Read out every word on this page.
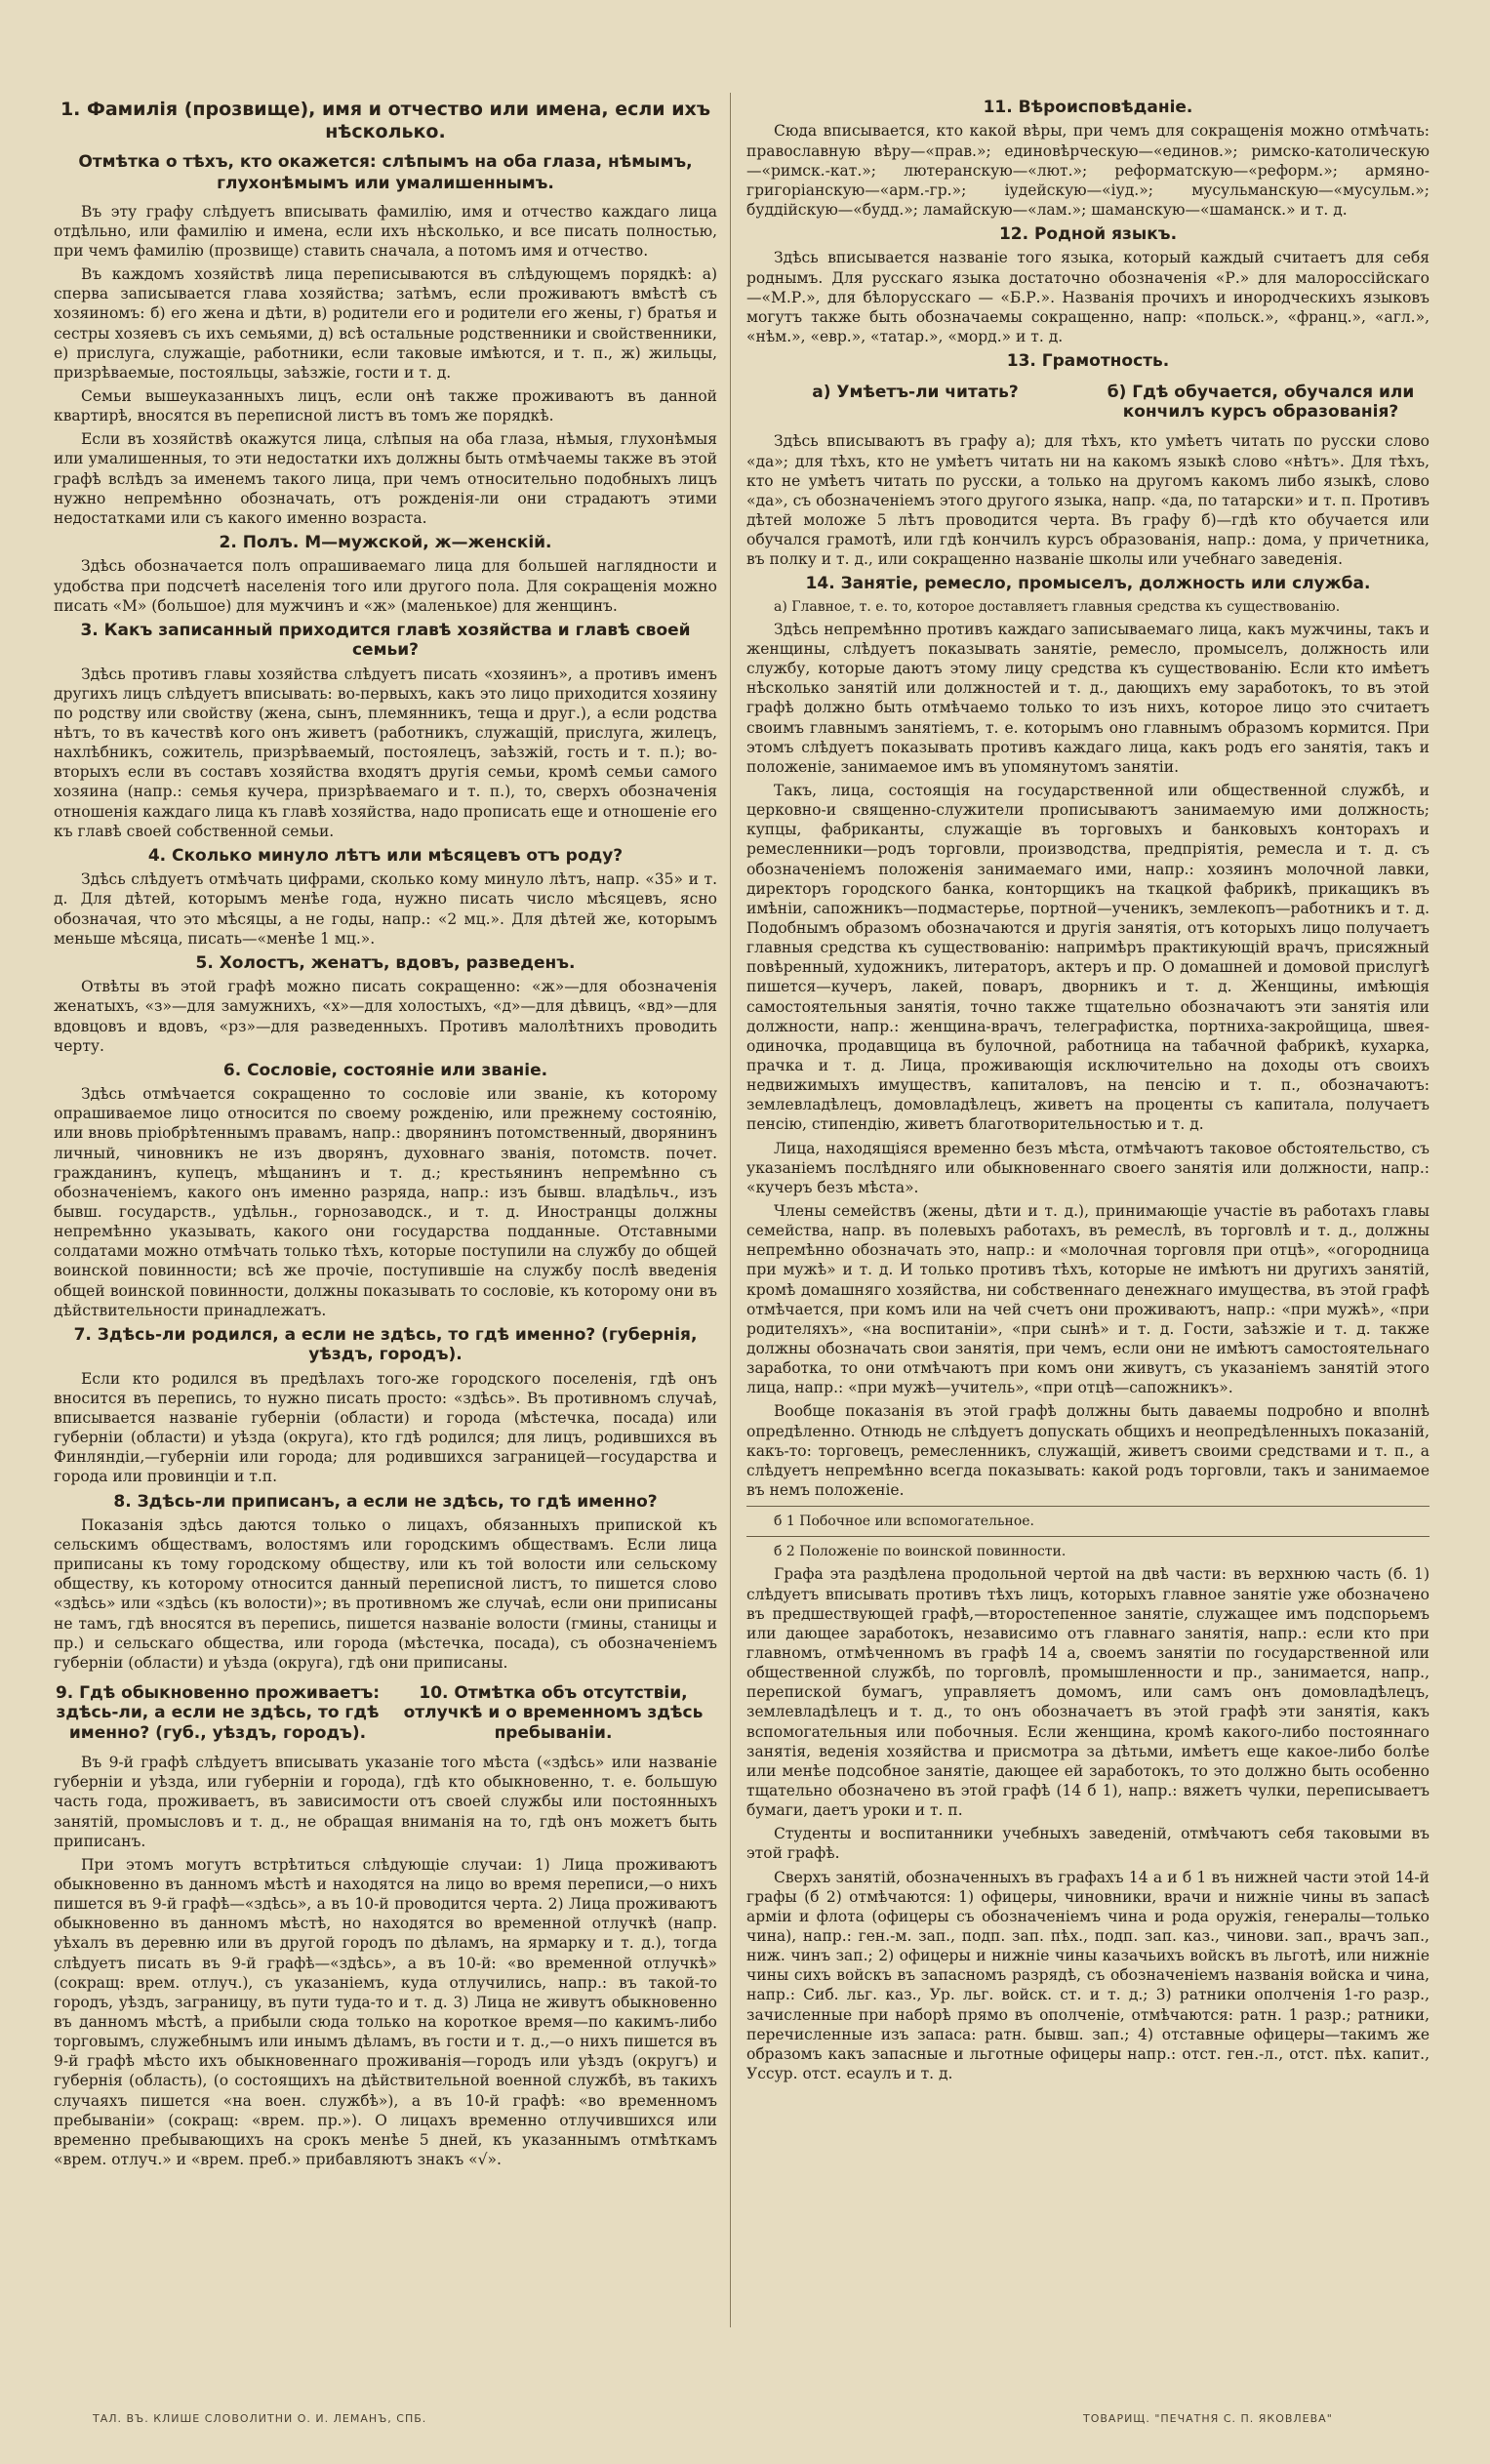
1. Фамилія (прозвище), имя и отчество или имена, если ихъ нѣсколько.
Отмѣтка о тѣхъ, кто окажется: слѣпымъ на оба глаза, нѣмымъ, глухонѣмымъ или умалишеннымъ.

Въ эту графу слѣдуетъ вписывать фамилію, имя и отчество каждаго лица отдѣльно, или фамилію и имена, если ихъ нѣсколько, и все писать полностью, при чемъ фамилію (прозвище) ставить сначала, а потомъ имя и отчество.

Въ каждомъ хозяйствѣ лица переписываются въ слѣдующемъ порядкѣ: а) сперва записывается глава хозяйства; затѣмъ, если проживаютъ вмѣстѣ съ хозяиномъ: б) его жена и дѣти, в) родители его и родители его жены, г) братья и сестры хозяевъ съ ихъ семьями, д) всѣ остальные родственники и свойственники, е) прислуга, служащіе, работники, если таковые имѣются, и т. п., ж) жильцы, призрѣваемые, постояльцы, заѣзжіе, гости и т. д.

Семьи вышеуказанныхъ лицъ, если онѣ также проживаютъ въ данной квартирѣ, вносятся въ переписной листъ въ томъ же порядкѣ.

Если въ хозяйствѣ окажутся лица, слѣпыя на оба глаза, нѣмыя, глухонѣмыя или умалишенныя, то эти недостатки ихъ должны быть отмѣчаемы также въ этой графѣ вслѣдъ за именемъ такого лица, при чемъ относительно подобныхъ лицъ нужно непремѣнно обозначать, отъ рожденія-ли они страдаютъ этими недостатками или съ какого именно возраста.

2. Полъ. М—мужской, ж—женскій.

Здѣсь обозначается полъ опрашиваемаго лица для большей наглядности и удобства при подсчетѣ населенія того или другого пола. Для сокращенія можно писать «М» (большое) для мужчинъ и «ж» (маленькое) для женщинъ.

3. Какъ записанный приходится главѣ хозяйства и главѣ своей семьи?

Здѣсь противъ главы хозяйства слѣдуетъ писать «хозяинъ», а противъ именъ другихъ лицъ слѣдуетъ вписывать: во-первыхъ, какъ это лицо приходится хозяину по родству или свойству (жена, сынъ, племянникъ, теща и друг.), а если родства нѣтъ, то въ качествѣ кого онъ живетъ (работникъ, служащій, прислуга, жилецъ, нахлѣбникъ, сожитель, призрѣваемый, постоялецъ, заѣзжій, гость и т. п.); во-вторыхъ если въ составъ хозяйства входятъ другія семьи, кромѣ семьи самого хозяина (напр.: семья кучера, призрѣваемаго и т. п.), то, сверхъ обозначенія отношенія каждаго лица къ главѣ хозяйства, надо прописать еще и отношеніе его къ главѣ своей собственной семьи.

4. Сколько минуло лѣтъ или мѣсяцевъ отъ роду?

Здѣсь слѣдуетъ отмѣчать цифрами, сколько кому минуло лѣтъ, напр. «35» и т. д. Для дѣтей, которымъ менѣе года, нужно писать число мѣсяцевъ, ясно обозначая, что это мѣсяцы, а не годы, напр.: «2 мц.». Для дѣтей же, которымъ меньше мѣсяца, писать—«менѣе 1 мц.».

5. Холостъ, женатъ, вдовъ, разведенъ.

Отвѣты въ этой графѣ можно писать сокращенно: «ж»—для обозначенія женатыхъ, «з»—для замужнихъ, «х»—для холостыхъ, «д»—для дѣвицъ, «вд»—для вдовцовъ и вдовъ, «рз»—для разведенныхъ. Противъ малолѣтнихъ проводить черту.

6. Сословіе, состояніе или званіе.

Здѣсь отмѣчается сокращенно то сословіе или званіе, къ которому опрашиваемое лицо относится по своему рожденію, или прежнему состоянію, или вновь пріобрѣтеннымъ правамъ, напр.: дворянинъ потомственный, дворянинъ личный, чиновникъ не изъ дворянъ, духовнаго званія, потомств. почет. гражданинъ, купецъ, мѣщанинъ и т. д.; крестьянинъ непремѣнно съ обозначеніемъ, какого онъ именно разряда, напр.: изъ бывш. владѣльч., изъ бывш. государств., удѣльн., горнозаводск., и т. д. Иностранцы должны непремѣнно указывать, какого они государства подданные. Отставными солдатами можно отмѣчать только тѣхъ, которые поступили на службу до общей воинской повинности; всѣ же прочіе, поступившіе на службу послѣ введенія общей воинской повинности, должны показывать то сословіе, къ которому они въ дѣйствительности принадлежатъ.

7. Здѣсь-ли родился, а если не здѣсь, то гдѣ именно? (губернія, уѣздъ, городъ).

Если кто родился въ предѣлахъ того-же городского поселенія, гдѣ онъ вносится въ перепись, то нужно писать просто: «здѣсь». Въ противномъ случаѣ, вписывается названіе губерніи (области) и города (мѣстечка, посада) или губерніи (области) и уѣзда (округа), кто гдѣ родился; для лицъ, родившихся въ Финляндіи,—губерніи или города; для родившихся заграницей—государства и города или провинціи и т.п.

8. Здѣсь-ли приписанъ, а если не здѣсь, то гдѣ именно?

Показанія здѣсь даются только о лицахъ, обязанныхъ припиской къ сельскимъ обществамъ, волостямъ или городскимъ обществамъ. Если лица приписаны къ тому городскому обществу, или къ той волости или сельскому обществу, къ которому относится данный переписной листъ, то пишется слово «здѣсь» или «здѣсь (къ волости)»; въ противномъ же случаѣ, если они приписаны не тамъ, гдѣ вносятся въ перепись, пишется названіе волости (гмины, станицы и пр.) и сельскаго общества, или города (мѣстечка, посада), съ обозначеніемъ губерніи (области) и уѣзда (округа), гдѣ они приписаны.

9. Гдѣ обыкновенно проживаетъ: здѣсь-ли, а если не здѣсь, то гдѣ именно? (губ., уѣздъ, городъ).
10. Отмѣтка объ отсутствіи, отлучкѣ и о временномъ здѣсь пребываніи.

Въ 9-й графѣ слѣдуетъ вписывать указаніе того мѣста («здѣсь» или названіе губерніи и уѣзда, или губерніи и города), гдѣ кто обыкновенно, т. е. большую часть года, проживаетъ, въ зависимости отъ своей службы или постоянныхъ занятій, промысловъ и т. д., не обращая вниманія на то, гдѣ онъ можетъ быть приписанъ.

При этомъ могутъ встрѣтиться слѣдующіе случаи: 1) Лица проживаютъ обыкновенно въ данномъ мѣстѣ и находятся на лицо во время переписи,—о нихъ пишется въ 9-й графѣ—«здѣсь», а въ 10-й проводится черта. 2) Лица проживаютъ обыкновенно въ данномъ мѣстѣ, но находятся во временной отлучкѣ (напр. уѣхалъ въ деревню или въ другой городъ по дѣламъ, на ярмарку и т. д.), тогда слѣдуетъ писать въ 9-й графѣ—«здѣсь», а въ 10-й: «во временной отлучкѣ» (сокращ: врем. отлуч.), съ указаніемъ, куда отлучились, напр.: въ такой-то городъ, уѣздъ, заграницу, въ пути туда-то и т. д. 3) Лица не живутъ обыкновенно въ данномъ мѣстѣ, а прибыли сюда только на короткое время—по какимъ-либо торговымъ, служебнымъ или инымъ дѣламъ, въ гости и т. д.,—о нихъ пишется въ 9-й графѣ мѣсто ихъ обыкновеннаго проживанія—городъ или уѣздъ (округъ) и губернія (область), (о состоящихъ на дѣйствительной военной службѣ, въ такихъ случаяхъ пишется «на воен. службѣ»), а въ 10-й графѣ: «во временномъ пребываніи» (сокращ: «врем. пр.»). О лицахъ временно отлучившихся или временно пребывающихъ на срокъ менѣе 5 дней, къ указаннымъ отмѣткамъ «врем. отлуч.» и «врем. преб.» прибавляютъ знакъ «√».

11. Вѣроисповѣданіе.

Сюда вписывается, кто какой вѣры, при чемъ для сокращенія можно отмѣчать: православную вѣру—«прав.»; единовѣрческую—«единов.»; римско-католическую—«римск.-кат.»; лютеранскую—«лют.»; реформатскую—«реформ.»; армяно-григоріанскую—«арм.-гр.»; іудейскую—«іуд.»; мусульманскую—«мусульм.»; буддійскую—«будд.»; ламайскую—«лам.»; шаманскую—«шаманск.» и т. д.

12. Родной языкъ.

Здѣсь вписывается названіе того языка, который каждый считаетъ для себя роднымъ. Для русскаго языка достаточно обозначенія «Р.» для малороссійскаго—«М.Р.», для бѣлорусскаго — «Б.Р.». Названія прочихъ и инородческихъ языковъ могутъ также быть обозначаемы сокращенно, напр: «польск.», «франц.», «агл.», «нѣм.», «евр.», «татар.», «морд.» и т. д.

13. Грамотность.
а) Умѣетъ-ли читать?	б) Гдѣ обучается, обучался или кончилъ курсъ образованія?

Здѣсь вписываютъ въ графу а); для тѣхъ, кто умѣетъ читать по русски слово «да»; для тѣхъ, кто не умѣетъ читать ни на какомъ языкѣ слово «нѣтъ». Для тѣхъ, кто не умѣетъ читать по русски, а только на другомъ какомъ либо языкѣ, слово «да», съ обозначеніемъ этого другого языка, напр. «да, по татарски» и т. п. Противъ дѣтей моложе 5 лѣтъ проводится черта. Въ графу б)—гдѣ кто обучается или обучался грамотѣ, или гдѣ кончилъ курсъ образованія, напр.: дома, у причетника, въ полку и т. д., или сокращенно названіе школы или учебнаго заведенія.

14. Занятіе, ремесло, промыселъ, должность или служба.

а) Главное, т. е. то, которое доставляетъ главныя средства къ существованію.

Здѣсь непремѣнно противъ каждаго записываемаго лица, какъ мужчины, такъ и женщины, слѣдуетъ показывать занятіе, ремесло, промыселъ, должность или службу, которые даютъ этому лицу средства къ существованію. Если кто имѣетъ нѣсколько занятій или должностей и т. д., дающихъ ему заработокъ, то въ этой графѣ должно быть отмѣчаемо только то изъ нихъ, которое лицо это считаетъ своимъ главнымъ занятіемъ, т. е. которымъ оно главнымъ образомъ кормится. При этомъ слѣдуетъ показывать противъ каждаго лица, какъ родъ его занятія, такъ и положеніе, занимаемое имъ въ упомянутомъ занятіи.

Такъ, лица, состоящія на государственной или общественной службѣ, и церковно-и священно-служители прописываютъ занимаемую ими должность; купцы, фабриканты, служащіе въ торговыхъ и банковыхъ конторахъ и ремесленники—родъ торговли, производства, предпріятія, ремесла и т. д. съ обозначеніемъ положенія занимаемаго ими, напр.: хозяинъ молочной лавки, директоръ городского банка, конторщикъ на ткацкой фабрикѣ, прикащикъ въ имѣніи, сапожникъ—подмастерье, портной—ученикъ, землекопъ—работникъ и т. д. Подобнымъ образомъ обозначаются и другія занятія, отъ которыхъ лицо получаетъ главныя средства къ существованію: напримѣръ практикующій врачъ, присяжный повѣренный, художникъ, литераторъ, актеръ и пр. О домашней и домовой прислугѣ пишется—кучеръ, лакей, поваръ, дворникъ и т. д. Женщины, имѣющія самостоятельныя занятія, точно также тщательно обозначаютъ эти занятія или должности, напр.: женщина-врачъ, телеграфистка, портниха-закройщица, швея-одиночка, продавщица въ булочной, работница на табачной фабрикѣ, кухарка, прачка и т. д. Лица, проживающія исключительно на доходы отъ своихъ недвижимыхъ имуществъ, капиталовъ, на пенсію и т. п., обозначаютъ: землевладѣлецъ, домовладѣлецъ, живетъ на проценты съ капитала, получаетъ пенсію, стипендію, живетъ благотворительностью и т. д.

Лица, находящіяся временно безъ мѣста, отмѣчаютъ таковое обстоятельство, съ указаніемъ послѣдняго или обыкновеннаго своего занятія или должности, напр.: «кучеръ безъ мѣста».

Члены семействъ (жены, дѣти и т. д.), принимающіе участіе въ работахъ главы семейства, напр. въ полевыхъ работахъ, въ ремеслѣ, въ торговлѣ и т. д., должны непремѣнно обозначать это, напр.: и «молочная торговля при отцѣ», «огородница при мужѣ» и т. д. И только противъ тѣхъ, которые не имѣютъ ни другихъ занятій, кромѣ домашняго хозяйства, ни собственнаго денежнаго имущества, въ этой графѣ отмѣчается, при комъ или на чей счетъ они проживаютъ, напр.: «при мужѣ», «при родителяхъ», «на воспитаніи», «при сынѣ» и т. д. Гости, заѣзжіе и т. д. также должны обозначать свои занятія, при чемъ, если они не имѣютъ самостоятельнаго заработка, то они отмѣчаютъ при комъ они живутъ, съ указаніемъ занятій этого лица, напр.: «при мужѣ—учитель», «при отцѣ—сапожникъ».

Вообще показанія въ этой графѣ должны быть даваемы подробно и вполнѣ опредѣленно. Отнюдь не слѣдуетъ допускать общихъ и неопредѣленныхъ показаній, какъ-то: торговецъ, ремесленникъ, служащій, живетъ своими средствами и т. п., а слѣдуетъ непремѣнно всегда показывать: какой родъ торговли, такъ и занимаемое въ немъ положеніе.

б 1 Побочное или вспомогательное.

б 2 Положеніе по воинской повинности.

Графа эта раздѣлена продольной чертой на двѣ части: въ верхнюю часть (б. 1) слѣдуетъ вписывать противъ тѣхъ лицъ, которыхъ главное занятіе уже обозначено въ предшествующей графѣ,—второстепенное занятіе, служащее имъ подспорьемъ или дающее заработокъ, независимо отъ главнаго занятія, напр.: если кто при главномъ, отмѣченномъ въ графѣ 14 а, своемъ занятіи по государственной или общественной службѣ, по торговлѣ, промышленности и пр., занимается, напр., перепиской бумагъ, управляетъ домомъ, или самъ онъ домовладѣлецъ, землевладѣлецъ и т. д., то онъ обозначаетъ въ этой графѣ эти занятія, какъ вспомогательныя или побочныя. Если женщина, кромѣ какого-либо постояннаго занятія, веденія хозяйства и присмотра за дѣтьми, имѣетъ еще какое-либо болѣе или менѣе подсобное занятіе, дающее ей заработокъ, то это должно быть особенно тщательно обозначено въ этой графѣ (14 б 1), напр.: вяжетъ чулки, переписываетъ бумаги, даетъ уроки и т. п.

Студенты и воспитанники учебныхъ заведеній, отмѣчаютъ себя таковыми въ этой графѣ.

Сверхъ занятій, обозначенныхъ въ графахъ 14 а и б 1 въ нижней части этой 14-й графы (б 2) отмѣчаются: 1) офицеры, чиновники, врачи и нижніе чины въ запасѣ арміи и флота (офицеры съ обозначеніемъ чина и рода оружія, генералы—только чина), напр.: ген.-м. зап., подп. зап. пѣх., подп. зап. каз., чинови. зап., врачъ зап., ниж. чинъ зап.; 2) офицеры и нижніе чины казачьихъ войскъ въ льготѣ, или нижніе чины сихъ войскъ въ запасномъ разрядѣ, съ обозначеніемъ названія войска и чина, напр.: Сиб. льг. каз., Ур. льг. войск. ст. и т. д.; 3) ратники ополченія 1-го разр., зачисленные при наборѣ прямо въ ополченіе, отмѣчаются: ратн. 1 разр.; ратники, перечисленные изъ запаса: ратн. бывш. зап.; 4) отставные офицеры—такимъ же образомъ какъ запасные и льготные офицеры напр.: отст. ген.-л., отст. пѣх. капит., Уссур. отст. есаулъ и т. д.

ТАЛ. ВЪ. КЛИШЕ СЛОВОЛИТНИ О. И. ЛЕМАНЪ, СПБ.	ТОВАРИЩ. "ПЕЧАТНЯ С. П. ЯКОВЛЕВА"
